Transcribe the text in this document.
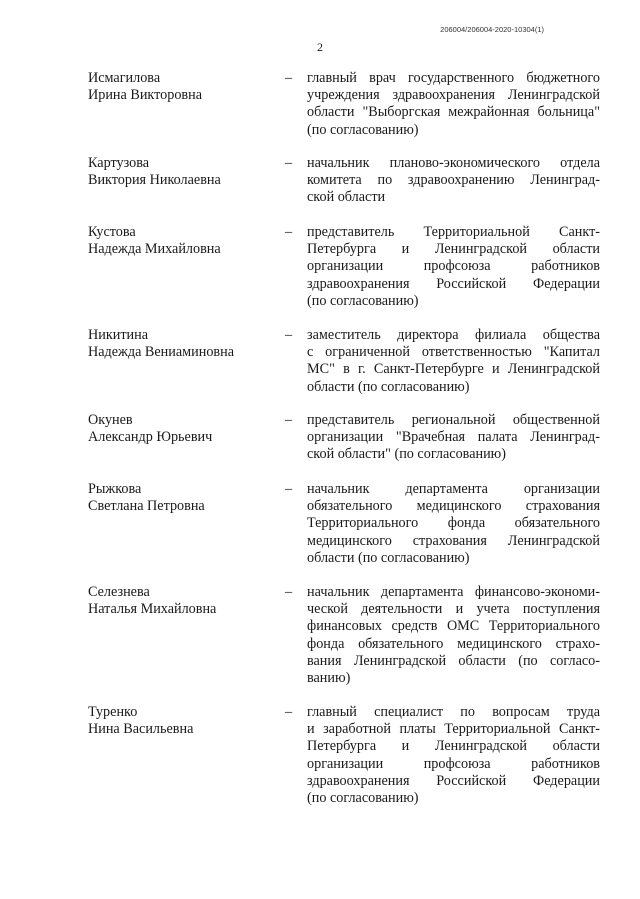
206004/206004-2020-10304(1)
2
Исмагилова
Ирина Викторовна
– главный врач государственного бюджетного
учреждения здравоохранения Ленинградской
области "Выборгская межрайонная больница"
(по согласованию)
Картузова
Виктория Николаевна
– начальник планово-экономического отдела
комитета по здравоохранению Ленинград-
ской области
Кустова
Надежда Михайловна
– представитель Территориальной Санкт-
Петербурга и Ленинградской области
организации профсоюза работников
здравоохранения Российской Федерации
(по согласованию)
Никитина
Надежда Вениаминовна
– заместитель директора филиала общества
с ограниченной ответственностью "Капитал
МС" в г. Санкт-Петербурге и Ленинградской
области (по согласованию)
Окунев
Александр Юрьевич
– представитель региональной общественной
организации "Врачебная палата Ленинград-
ской области" (по согласованию)
Рыжкова
Светлана Петровна
– начальник департамента организации
обязательного медицинского страхования
Территориального фонда обязательного
медицинского страхования Ленинградской
области (по согласованию)
Селезнева
Наталья Михайловна
– начальник департамента финансово-экономи-
ческой деятельности и учета поступления
финансовых средств ОМС Территориального
фонда обязательного медицинского страхо-
вания Ленинградской области (по согласо-
ванию)
Туренко
Нина Васильевна
– главный специалист по вопросам труда
и заработной платы Территориальной Санкт-
Петербурга и Ленинградской области
организации профсоюза работников
здравоохранения Российской Федерации
(по согласованию)
